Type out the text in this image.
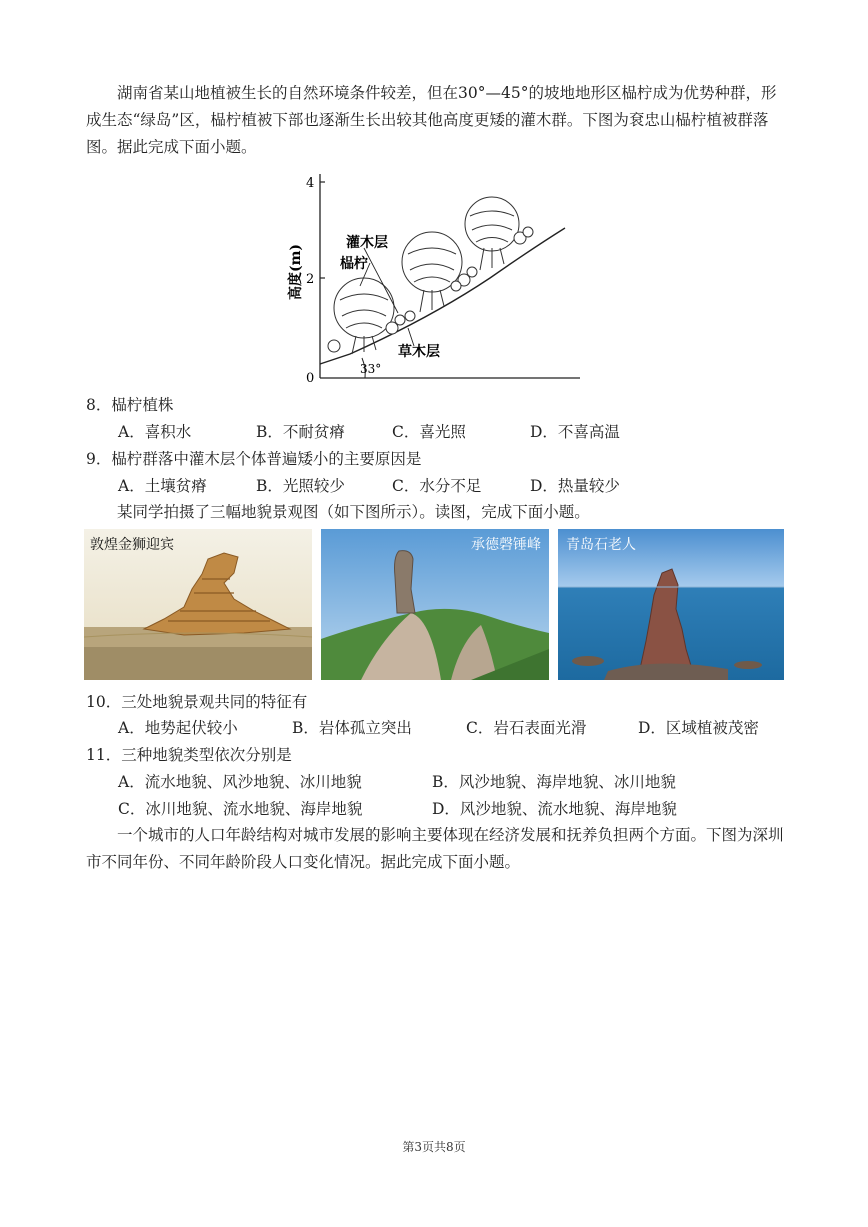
湖南省某山地植被生长的自然环境条件较差，但在30°—45°的坡地地形区榀柠成为优势种群，形成生态“绿岛”区，榀柠植被下部也逐渐生长出较其他高度更矮的灌木群。下图为袞忠山榀柠植被群落图。据此完成下面小题。
高度(m)
4
2
0
灌木层
榀柠
草木层
33°
8．榀柠植株
A．喜积水	B．不耐贫瘠	C．喜光照	D．不喜高温
9．榀柠群落中灌木层个体普遍矮小的主要原因是
A．土壤贫瘠	B．光照较少	C．水分不足	D．热量较少
某同学拍摄了三幅地貌景观图（如下图所示）。读图，完成下面小题。
敦煌金狮迎宾	承德磬锤峰 青岛石老人
10．三处地貌景观共同的特征有
A．地势起伏较小	B．岩体孤立突出	C．岩石表面光滑	D．区域植被茂密
11．三种地貌类型依次分别是
A．流水地貌、风沙地貌、冰川地貌	B．风沙地貌、海岸地貌、冰川地貌
C．冰川地貌、流水地貌、海岸地貌	D．风沙地貌、流水地貌、海岸地貌
一个城市的人口年龄结构对城市发展的影响主要体现在经济发展和抚养负担两个方面。下图为深圳市不同年份、不同年龄阶段人口变化情况。据此完成下面小题。
第3页共8页
